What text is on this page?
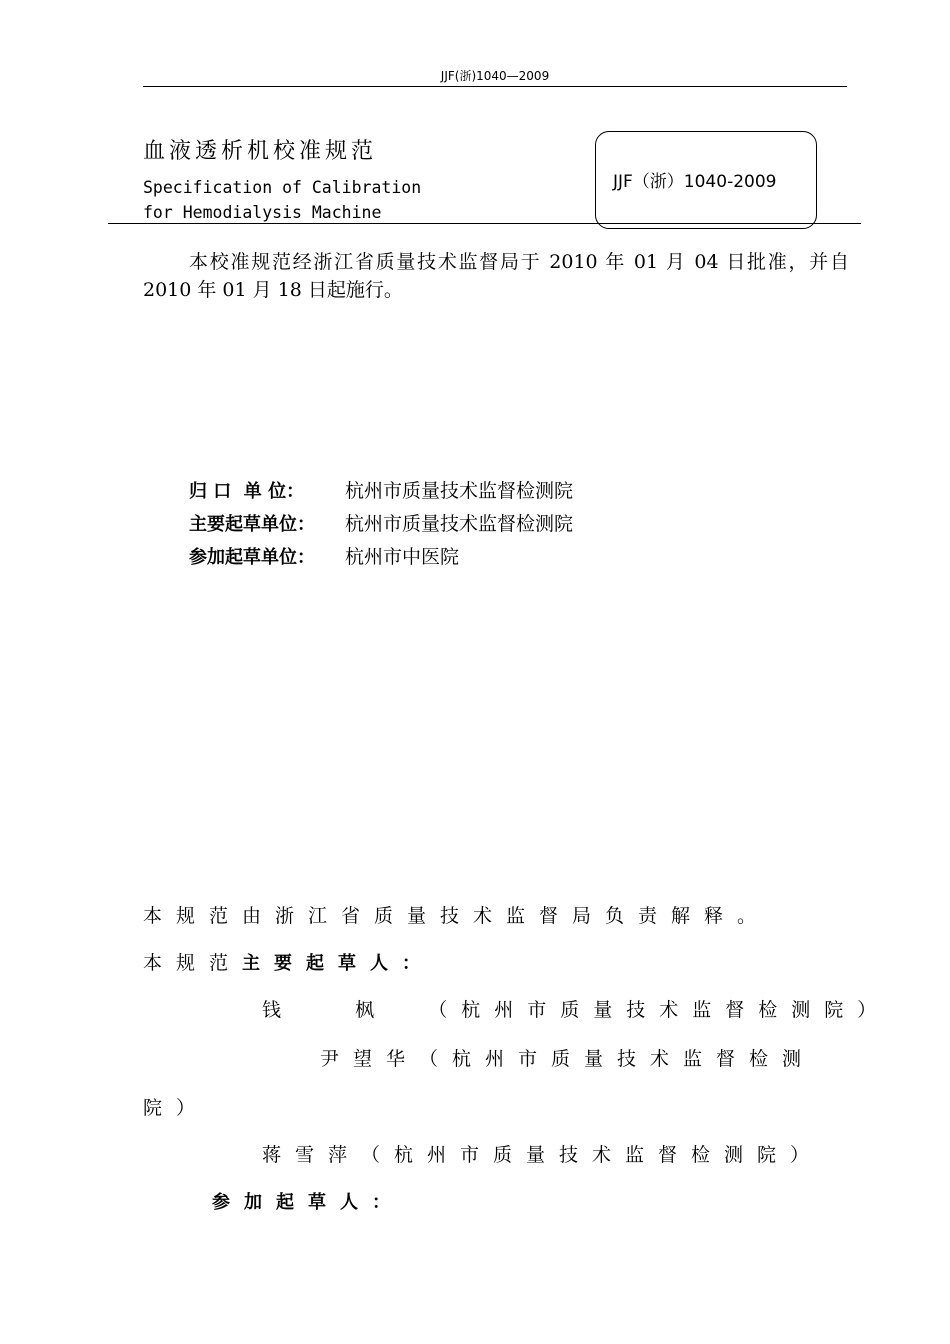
JJF(浙)1040—2009
血液透析机校准规范
Specification of Calibration
for Hemodialysis Machine
JJF（浙）1040-2009
本校准规范经浙江省质量技术监督局于 2010 年 01 月 04 日批准，并自 2010 年 01 月 18 日起施行。
归 口  单 位： 杭州市质量技术监督检测院
主要起草单位： 杭州市质量技术监督检测院
参加起草单位： 杭州市中医院
本规范由浙江省质量技术监督局负责解释。
本规范主要起草人：
钱   枫 （杭州市质量技术监督检测院）
尹望华（杭州市质量技术监督检测
院）
蒋雪萍（杭州市质量技术监督检测院）
参加起草人：
